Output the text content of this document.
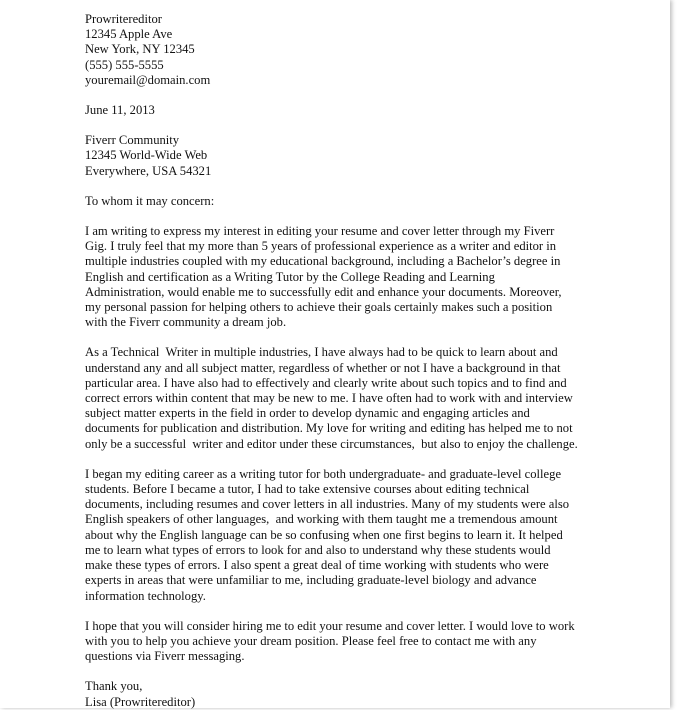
Prowritereditor
12345 Apple Ave
New York, NY 12345
(555) 555-5555
youremail@domain.com
June 11, 2013
Fiverr Community
12345 World-Wide Web
Everywhere, USA 54321
To whom it may concern:
I am writing to express my interest in editing your resume and cover letter through my Fiverr
Gig. I truly feel that my more than 5 years of professional experience as a writer and editor in
multiple industries coupled with my educational background, including a Bachelor’s degree in
English and certification as a Writing Tutor by the College Reading and Learning
Administration, would enable me to successfully edit and enhance your documents. Moreover,
my personal passion for helping others to achieve their goals certainly makes such a position
with the Fiverr community a dream job.
As a Technical  Writer in multiple industries, I have always had to be quick to learn about and
understand any and all subject matter, regardless of whether or not I have a background in that
particular area. I have also had to effectively and clearly write about such topics and to find and
correct errors within content that may be new to me. I have often had to work with and interview
subject matter experts in the field in order to develop dynamic and engaging articles and
documents for publication and distribution. My love for writing and editing has helped me to not
only be a successful  writer and editor under these circumstances,  but also to enjoy the challenge.
I began my editing career as a writing tutor for both undergraduate- and graduate-level college
students. Before I became a tutor, I had to take extensive courses about editing technical
documents, including resumes and cover letters in all industries. Many of my students were also
English speakers of other languages,  and working with them taught me a tremendous amount
about why the English language can be so confusing when one first begins to learn it. It helped
me to learn what types of errors to look for and also to understand why these students would
make these types of errors. I also spent a great deal of time working with students who were
experts in areas that were unfamiliar to me, including graduate-level biology and advance
information technology.
I hope that you will consider hiring me to edit your resume and cover letter. I would love to work
with you to help you achieve your dream position. Please feel free to contact me with any
questions via Fiverr messaging.
Thank you,
Lisa (Prowritereditor)
